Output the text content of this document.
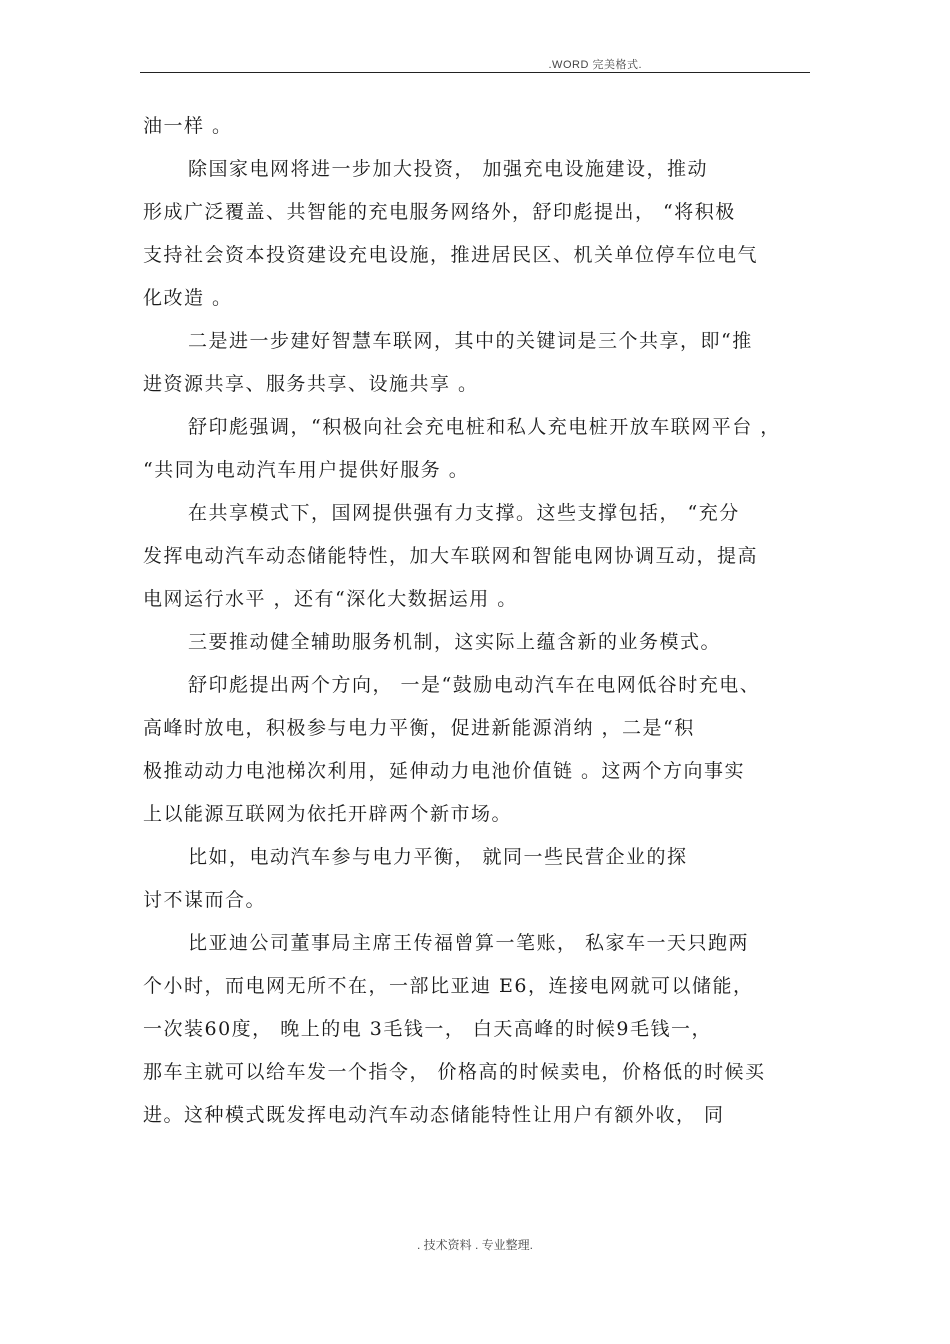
.WORD 完美格式.
油一样 。
除国家电网将进一步加大投资， 加强充电设施建设，推动
形成广泛覆盖、共智能的充电服务网络外，舒印彪提出， “将积极
支持社会资本投资建设充电设施，推进居民区、机关单位停车位电气
化改造 。
二是进一步建好智慧车联网，其中的关键词是三个共享，即“推
进资源共享、服务共享、设施共享 。
舒印彪强调，“积极向社会充电桩和私人充电桩开放车联网平台 ，
“共同为电动汽车用户提供好服务 。
在共享模式下，国网提供强有力支撑。这些支撑包括， “充分
发挥电动汽车动态储能特性，加大车联网和智能电网协调互动，提高
电网运行水平 ，还有“深化大数据运用 。
三要推动健全辅助服务机制，这实际上蕴含新的业务模式。
舒印彪提出两个方向， 一是“鼓励电动汽车在电网低谷时充电、
高峰时放电，积极参与电力平衡，促进新能源消纳 ，二是“积
极推动动力电池梯次利用，延伸动力电池价值链 。这两个方向事实
上以能源互联网为依托开辟两个新市场。
比如，电动汽车参与电力平衡， 就同一些民营企业的探
讨不谋而合。
比亚迪公司董事局主席王传福曾算一笔账， 私家车一天只跑两
个小时，而电网无所不在，一部比亚迪 E6，连接电网就可以储能，
一次装60度， 晚上的电 3毛钱一， 白天高峰的时候9毛钱一，
那车主就可以给车发一个指令， 价格高的时候卖电，价格低的时候买
进。这种模式既发挥电动汽车动态储能特性让用户有额外收， 同
. 技术资料 . 专业整理.
